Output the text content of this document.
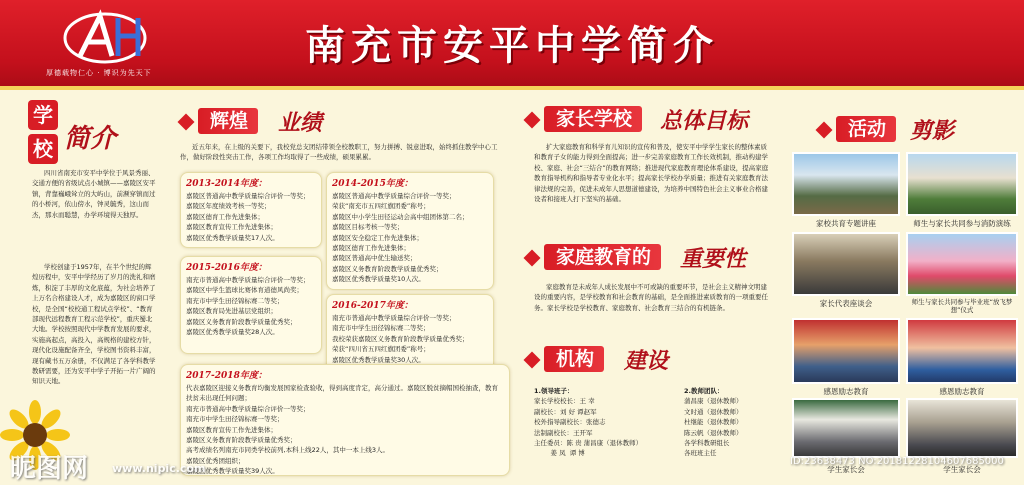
厚德载物仁心 · 博识为先天下
南充市安平中学简介
学
校 简介
四川省南充市安平中学位于风景秀丽、交通方便的省级试点小城镇——嘉陵区安平镇，背靠巍峨耸立的大屿山，前濒穿镇而过的小桥河，依山傍水，钟灵毓秀，这山而杰，那水而聪慧，办学环境得天独厚。
学校创建于1957年，在半个世纪的辉煌历程中，安平中学经历了岁月的洗礼和磨炼，积淀了丰厚的文化底蕴，为社会培养了上万名合格建设人才，成为嘉陵区的窗口学校，是全国“校校通工程试点学校”、“教育部现代远程教育工程示范学校”，重庆蜀北大地。学校按照现代中学教育发展的要求，实施高起点，高投入，高规格的建校方针，现代化设施配备齐全，学校图书资料丰富，现有藏书五万余册，不仅满足了各学科教学教研需要，还为安平中学子开拓一片广阔的知识天地。
辉煌	业绩
近五年来，在上级的关要下，我校党总支团结带领全校教职工，努力拼搏、锐意进取，始终抓住教学中心工作，做好阶段性突击工作，各项工作均取得了一些成绩，硕果累累。
2013-2014年度：
嘉陵区普通高中教学质量综合评价一等奖；
嘉陵区年度绩效考核一等奖；
嘉陵区德育工作先进集体；
嘉陵区教育宣传工作先进集体；
嘉陵区优秀教学质量奖17人次。
2014-2015年度：
嘉陵区普通高中教学质量综合评价一等奖；
荣获“南充市五四红旗团委”称号；
嘉陵区中小学生田径运动会高中组团体第二名；
嘉陵区目标考核一等奖；
嘉陵区安全稳定工作先进集体；
嘉陵区德育工作先进集体；
嘉陵区普通高中优生输送奖；
嘉陵区义务教育阶段教学质量优秀奖；
嘉陵区优秀教学质量奖10人次。
2015-2016年度：
南充市普通高中教学质量综合评价一等奖；
嘉陵区中学生篮球比赛体育道德风尚奖；
南充市中学生田径锦标赛二等奖；
嘉陵区教育局先进基层党组织；
嘉陵区义务教育阶段教学质量优秀奖；
嘉陵区优秀教学质量奖28人次。
2016-2017年度：
南充市普通高中教学质量综合评价一等奖；
南充市中学生田径锦标赛二等奖；
我校荣获嘉陵区义务教育阶段教学质量优秀奖；
荣获“四川省五四红旗团委”称号；
嘉陵区优秀教学质量奖30人次。
2017-2018年度：
代表嘉陵区迎接义务教育均衡发展国家检查验收，得到高度肯定，高分通过。嘉陵区脱贫摘帽国检抽查，教育扶贫未出现任何问题；
南充市普通高中教学质量综合评价一等奖；
南充市中学生田径锦标赛一等奖；
嘉陵区教育宣传工作先进集体；
嘉陵区义务教育阶段教学质量优秀奖；
高考成绩名列南充市同类学校前列,本科上线22人，其中一本上线3人。
嘉陵区优秀团组织；
嘉陵区优秀教学质量奖39人次。
家长学校	总体目标
扩大家庭教育和科学育儿知识的宣传和普及，使安平中学学生家长的整体素质和教育子女的能力得到全面提高；进一步完善家庭教育工作长效机制，推动构建学校、家庭、社会“三结合”的教育网络；推进现代家庭教育理论体系建设，提高家庭教育指导机构和指导者专业化水平；提高家长学校办学质量；推进有关家庭教育法律法规的完善，促进未成年人思想道德建设，为培养中国特色社会主义事业合格建设者和接班人打下坚实的基础。
家庭教育的	重要性
家庭教育是未成年人成长发展中不可或缺的重要环节，是社会主义精神文明建设的重要内容，是学校教育和社会教育的基础，是全面推进素质教育的一项重要任务。家长学校是学校教育、家庭教育、社会教育三结合的有机链条。
机构	建设
1.领导班子：
家长学校校长：王 幸
副校长：刘 好 谭赵军
校外指导副校长：张德志
法制副校长：王开军
主任委员：陈 贵 蒲昌康（退休教师）
姜 凤  谭 博
2.教师团队：
蒲昌康（退休教师）
文时通（退休教师）
杜继能（退休教师）
陈云帆（退休教师）
各学科教研组长
各班班主任
活动	剪影
家校共育专题讲座	师生与家长共同参与消防演练
家长代表座谈会	师生与家长共同参与毕业班“放飞梦想”仪式
感恩励志教育	感恩励志教育
学生家长会	学生家长会
昵图网 www.nipic.com
ID:23638473 NO:20181228104607685000
